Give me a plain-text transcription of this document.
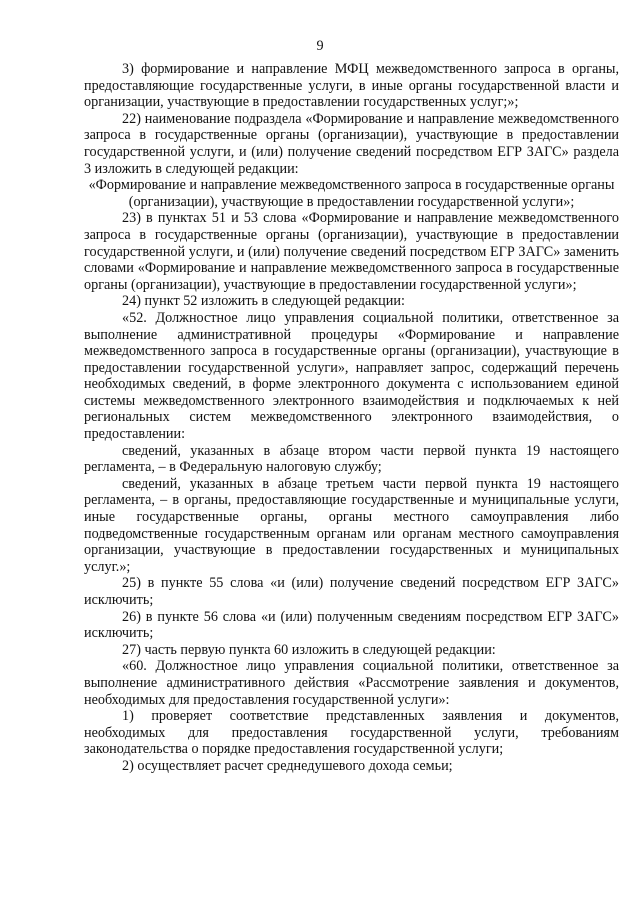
9

3) формирование и направление МФЦ межведомственного запроса в органы, предоставляющие государственные услуги, в иные органы государственной власти и организации, участвующие в предоставлении государственных услуг;»;

22) наименование подраздела «Формирование и направление межведомственного запроса в государственные органы (организации), участвующие в предоставлении государственной услуги, и (или) получение сведений посредством ЕГР ЗАГС» раздела 3 изложить в следующей редакции:

«Формирование и направление межведомственного запроса в государственные органы (организации), участвующие в предоставлении государственной услуги»;

23) в пунктах 51 и 53 слова «Формирование и направление межведомственного запроса в государственные органы (организации), участвующие в предоставлении государственной услуги, и (или) получение сведений посредством ЕГР ЗАГС» заменить словами «Формирование и направление межведомственного запроса в государственные органы (организации), участвующие в предоставлении государственной услуги»;

24) пункт 52 изложить в следующей редакции:

«52. Должностное лицо управления социальной политики, ответственное за выполнение административной процедуры «Формирование и направление межведомственного запроса в государственные органы (организации), участвующие в предоставлении государственной услуги», направляет запрос, содержащий перечень необходимых сведений, в форме электронного документа с использованием единой системы межведомственного электронного взаимодействия и подключаемых к ней региональных систем межведомственного электронного взаимодействия, о предоставлении:

сведений, указанных в абзаце втором части первой пункта 19 настоящего регламента, – в Федеральную налоговую службу;

сведений, указанных в абзаце третьем части первой пункта 19 настоящего регламента, – в органы, предоставляющие государственные и муниципальные услуги, иные государственные органы, органы местного самоуправления либо подведомственные государственным органам или органам местного самоуправления организации, участвующие в предоставлении государственных и муниципальных услуг.»;

25) в пункте 55 слова «и (или) получение сведений посредством ЕГР ЗАГС» исключить;

26) в пункте 56 слова «и (или) полученным сведениям посредством ЕГР ЗАГС» исключить;

27) часть первую пункта 60 изложить в следующей редакции:

«60. Должностное лицо управления социальной политики, ответственное за выполнение административного действия «Рассмотрение заявления и документов, необходимых для предоставления государственной услуги»:

1) проверяет соответствие представленных заявления и документов, необходимых для предоставления государственной услуги, требованиям законодательства о порядке предоставления государственной услуги;

2) осуществляет расчет среднедушевого дохода семьи;
